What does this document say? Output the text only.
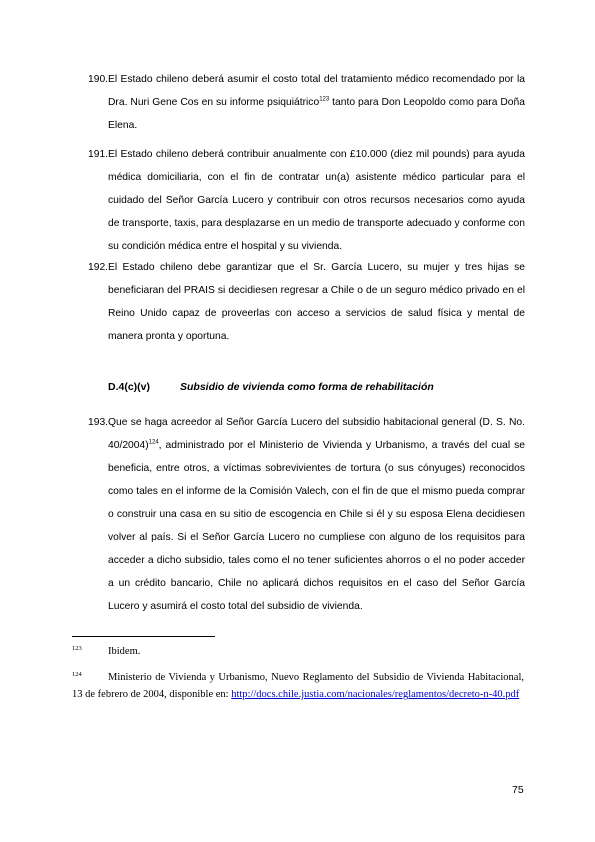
190. El Estado chileno deberá asumir el costo total del tratamiento médico recomendado por la Dra. Nuri Gene Cos en su informe psiquiátrico$^{123}$ tanto para Don Leopoldo como para Doña Elena.
191. El Estado chileno deberá contribuir anualmente con £10.000 (diez mil pounds) para ayuda médica domiciliaria, con el fin de contratar un(a) asistente médico particular para el cuidado del Señor García Lucero y contribuir con otros recursos necesarios como ayuda de transporte, taxis, para desplazarse en un medio de transporte adecuado y conforme con su condición médica entre el hospital y su vivienda.
192. El Estado chileno debe garantizar que el Sr. García Lucero, su mujer y tres hijas se beneficiaran del PRAIS si decidiesen regresar a Chile o de un seguro médico privado en el Reino Unido capaz de proveerlas con acceso a servicios de salud física y mental de manera pronta y oportuna.
D.4(c)(v)	Subsidio de vivienda como forma de rehabilitación
193. Que se haga acreedor al Señor García Lucero del subsidio habitacional general (D. S. No. 40/2004)$^{124}$, administrado por el Ministerio de Vivienda y Urbanismo, a través del cual se beneficia, entre otros, a víctimas sobrevivientes de tortura (o sus cónyuges) reconocidos como tales en el informe de la Comisión Valech, con el fin de que el mismo pueda comprar o construir una casa en su sitio de escogencia en Chile si él y su esposa Elena decidiesen volver al país. Si el Señor García Lucero no cumpliese con alguno de los requisitos para acceder a dicho subsidio, tales como el no tener suficientes ahorros o el no poder acceder a un crédito bancario, Chile no aplicará dichos requisitos en el caso del Señor García Lucero y asumirá el costo total del subsidio de vivienda.
123	Ibidem.
124	Ministerio de Vivienda y Urbanismo, Nuevo Reglamento del Subsidio de Vivienda Habitacional, 13 de febrero de 2004, disponible en: http://docs.chile.justia.com/nacionales/reglamentos/decreto-n-40.pdf
75
